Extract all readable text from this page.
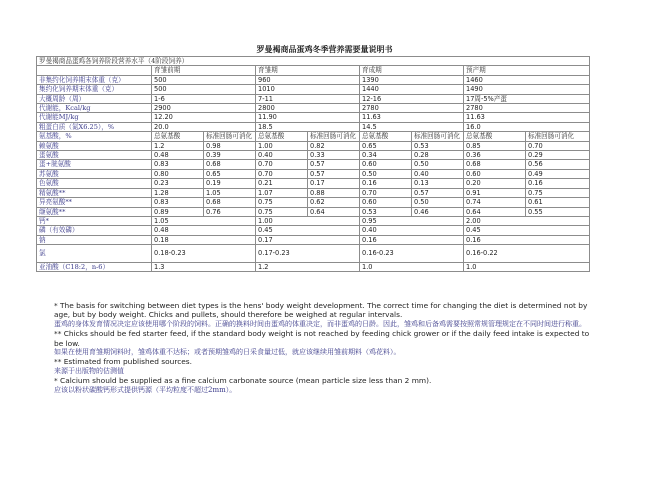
罗曼褐商品蛋鸡冬季营养需要量说明书
罗曼褐商品蛋鸡各饲养阶段营养水平（4阶段饲养）								
	育雏前期		育雏期		育成期		预产期	
非集约化饲养期末体重（克）	500		960		1390		1460	
集约化饲养期末体重（克）	500		1010		1440		1490	
大概周龄（周）	1-6		7-11		12-16		17周-5%产蛋	
代谢能，Kcal/kg	2900		2800		2780		2780	
代谢能MJ/kg	12.20		11.90		11.63		11.63	
粗蛋白质（氮X6.25），%	20.0		18.5		14.5		16.0	
氨基酸，%	总氨基酸	标准回肠可消化	总氨基酸	标准回肠可消化	总氨基酸	标准回肠可消化	总氨基酸	标准回肠可消化
赖氨酸	1.2	0.98	1.00	0.82	0.65	0.53	0.85	0.70
蛋氨酸	0.48	0.39	0.40	0.33	0.34	0.28	0.36	0.29
蛋+胱氨酸	0.83	0.68	0.70	0.57	0.60	0.50	0.68	0.56
苏氨酸	0.80	0.65	0.70	0.57	0.50	0.40	0.60	0.49
色氨酸	0.23	0.19	0.21	0.17	0.16	0.13	0.20	0.16
精氨酸**	1.28	1.05	1.07	0.88	0.70	0.57	0.91	0.75
异亮氨酸**	0.83	0.68	0.75	0.62	0.60	0.50	0.74	0.61
缬氨酸**	0.89	0.76	0.75	0.64	0.53	0.46	0.64	0.55
钙*	1.05		1.00		0.95		2.00	
磷（有效磷）	0.48		0.45		0.40		0.45	
钠	0.18		0.17		0.16		0.16	
氯	0.18-0.23		0.17-0.23		0.16-0.23		0.16-0.22	
亚油酸（C18:2，n-6）	1.3		1.2		1.0		1.0	

* The basis for switching between diet types is the hens' body weight development. The correct time for changing the diet is determined not by age, but by body weight. Chicks and pullets, should therefore be weighed at regular intervals.

蛋鸡的身体发育情况决定应该使用哪个阶段的饲料。正确的换料时间由蛋鸡的体重决定，而非蛋鸡的日龄。因此，雏鸡和后备鸡需要按照常规管理规定在不同时间进行称重。

** Chicks should be fed starter feed, if the standard body weight is not reached by feeding chick grower or if the daily feed intake is expected to be low.

如果在使用育雏期饲料时，雏鸡体重不达标；或者预期雏鸡的日采食量过低，就应该继续用雏前期料（鸡花料）。

** Estimated from published sources.

来源于出版物的估测值

* Calcium should be supplied as a fine calcium carbonate source (mean particle size less than 2 mm).

应该以粉状碳酸钙形式提供钙源（平均粒度不超过2mm）。
